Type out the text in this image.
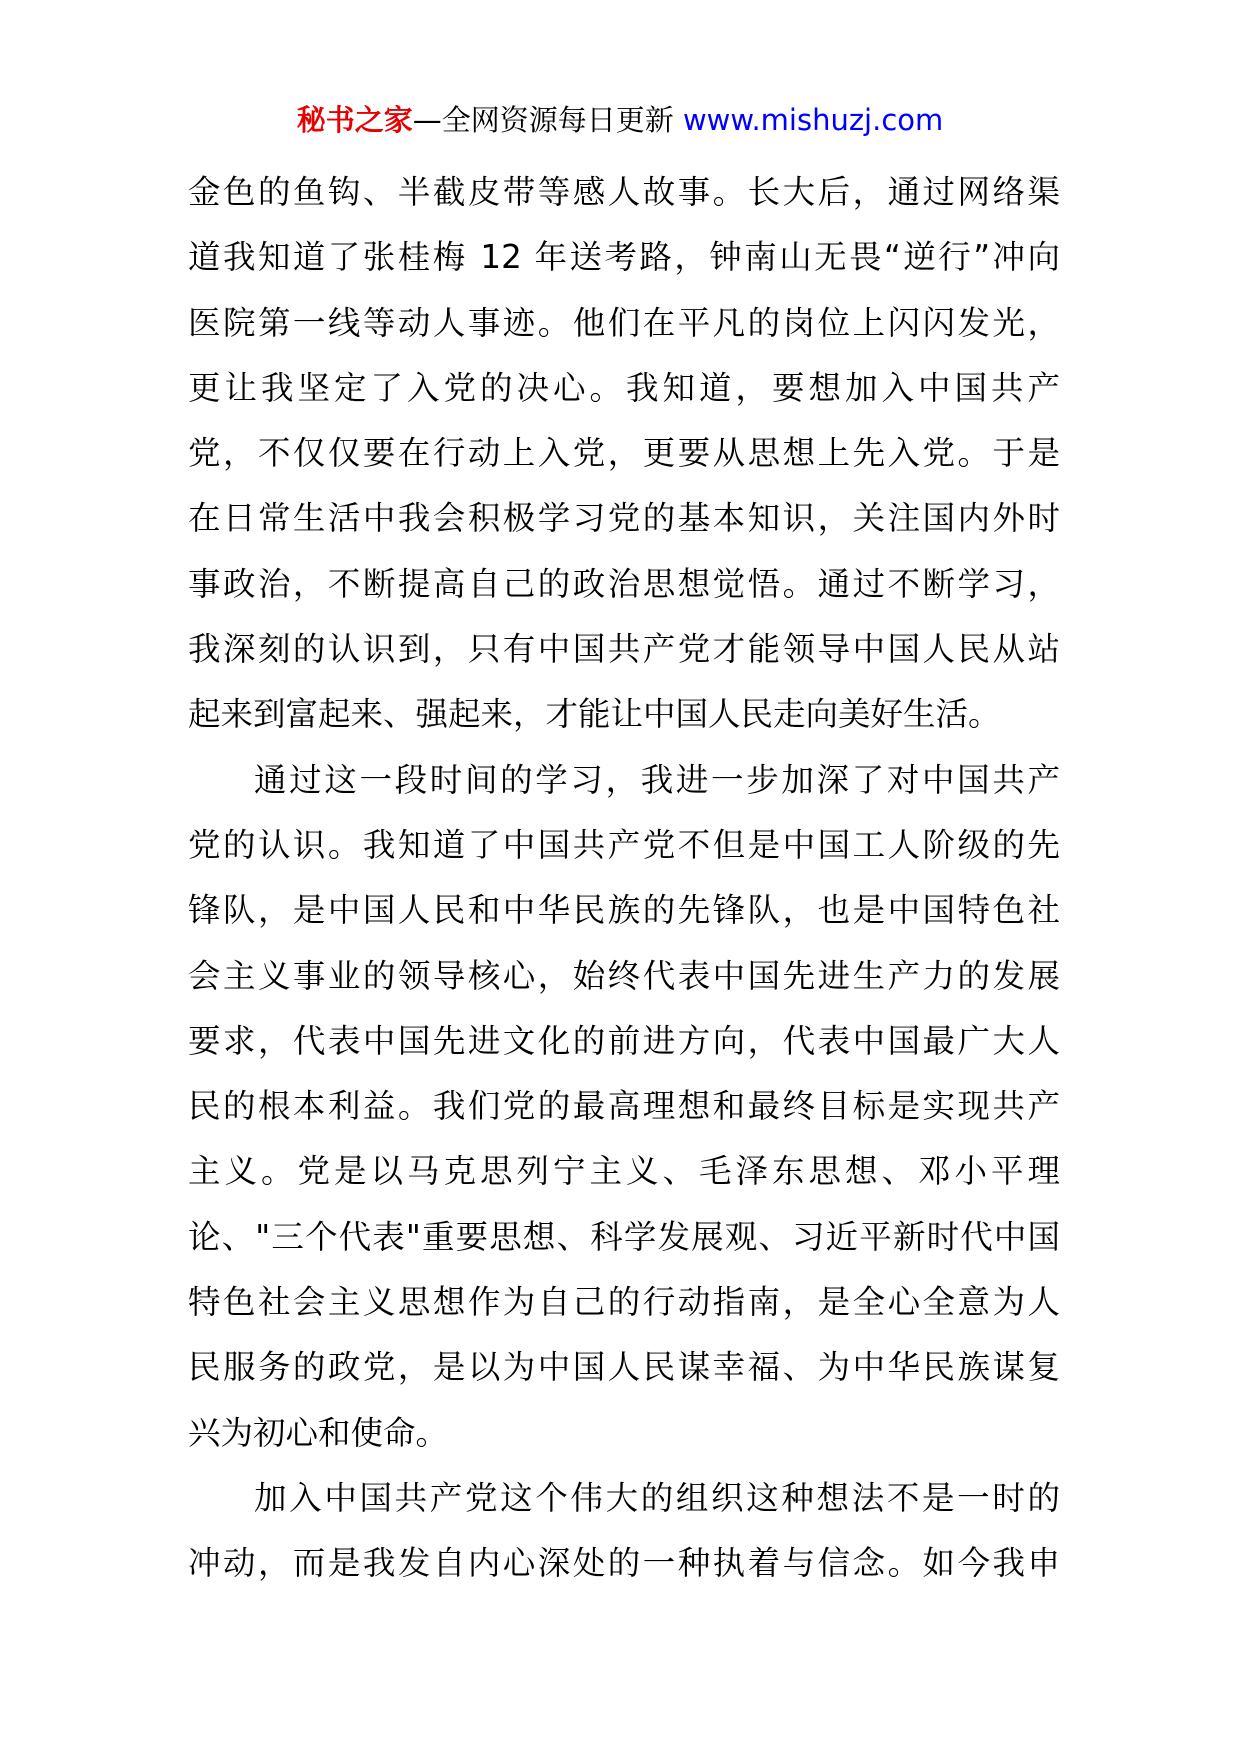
秘书之家—全网资源每日更新 www.mishuzj.com
金色的鱼钩、半截皮带等感人故事。长大后，通过网络渠
道我知道了张桂梅 12 年送考路，钟南山无畏“逆行”冲向
医院第一线等动人事迹。他们在平凡的岗位上闪闪发光，
更让我坚定了入党的决心。我知道，要想加入中国共产
党，不仅仅要在行动上入党，更要从思想上先入党。于是
在日常生活中我会积极学习党的基本知识，关注国内外时
事政治，不断提高自己的政治思想觉悟。通过不断学习，
我深刻的认识到，只有中国共产党才能领导中国人民从站
起来到富起来、强起来，才能让中国人民走向美好生活。
通过这一段时间的学习，我进一步加深了对中国共产
党的认识。我知道了中国共产党不但是中国工人阶级的先
锋队，是中国人民和中华民族的先锋队，也是中国特色社
会主义事业的领导核心，始终代表中国先进生产力的发展
要求，代表中国先进文化的前进方向，代表中国最广大人
民的根本利益。我们党的最高理想和最终目标是实现共产
主义。党是以马克思列宁主义、毛泽东思想、邓小平理
论、"三个代表"重要思想、科学发展观、习近平新时代中国
特色社会主义思想作为自己的行动指南，是全心全意为人
民服务的政党，是以为中国人民谋幸福、为中华民族谋复
兴为初心和使命。
加入中国共产党这个伟大的组织这种想法不是一时的
冲动，而是我发自内心深处的一种执着与信念。如今我申
